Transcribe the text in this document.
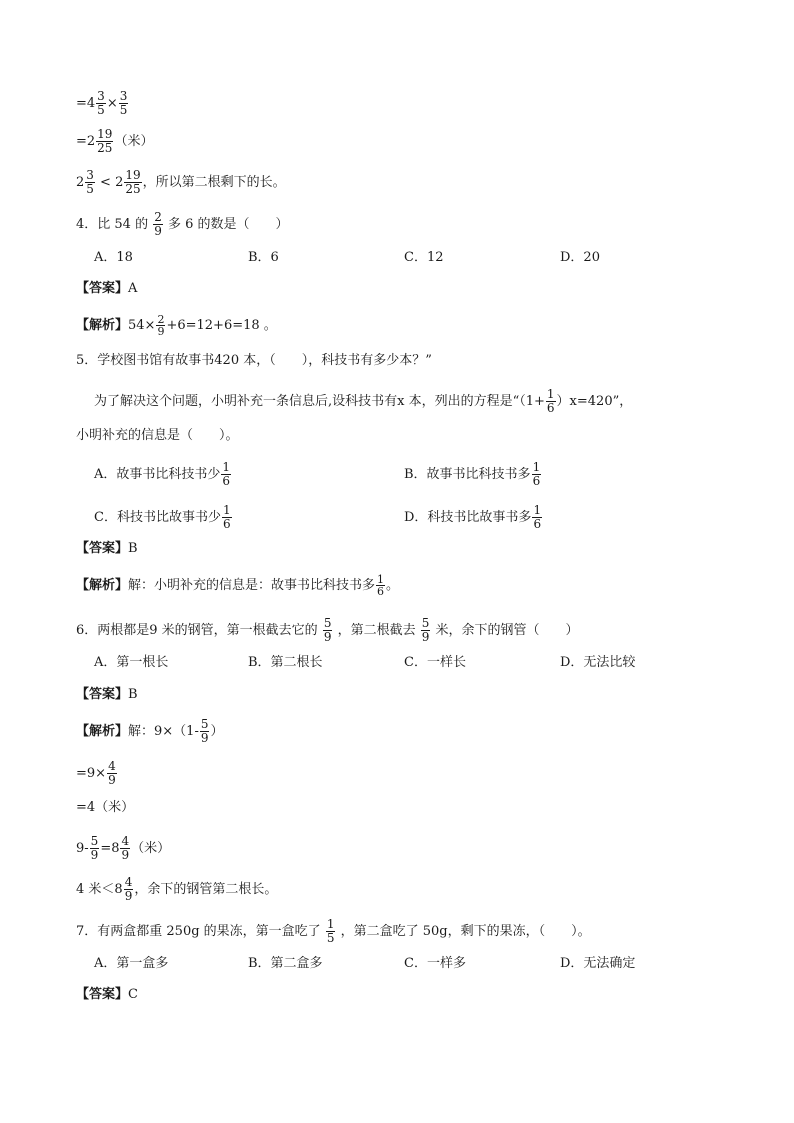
$=4 \frac{3}{5} \times \frac{3}{5}$
$=2 \frac{19}{25}$ （米）
$2 \frac{3}{5} < 2 \frac{19}{25}$ ，所以第二根剩下的长。
4．比 54 的 $\frac{2}{9}$ 多 6 的数是（　　）
A．18	B．6	C．12	D．20
【答案】A
【解析】$54\times \frac{2}{9} +6=12+6=18$ 。
5．学校图书馆有故事书420 本，（　　），科技书有多少本？”
为了解决这个问题，小明补充一条信息后,设科技书有x 本，列出的方程是“$(1+ \frac{1}{6} )x=420$”，
小明补充的信息是（　　）。
A．故事书比科技书少 $\frac{1}{6}$	B．故事书比科技书多 $\frac{1}{6}$
C．科技书比故事书少 $\frac{1}{6}$	D．科技书比故事书多 $\frac{1}{6}$
【答案】B
【解析】解：小明补充的信息是：故事书比科技书多 $\frac{1}{6}$ 。
6．两根都是9 米的钢管，第一根截去它的 $\frac{5}{9}$ ，第二根截去 $\frac{5}{9}$ 米，余下的钢管（　　）
A．第一根长	B．第二根长	C．一样长	D．无法比较
【答案】B
【解析】解：$9\times(1- \frac{5}{9}$ ）
$=9\times \frac{4}{9}$
=4（米）
$9- \frac{5}{9} =8 \frac{4}{9}$ （米）
4 米$<8 \frac{4}{9}$ ，余下的钢管第二根长。
7．有两盒都重 250g 的果冻，第一盒吃了 $\frac{1}{5}$ ，第二盒吃了 50g，剩下的果冻，（　　）。
A．第一盒多	B．第二盒多	C．一样多	D．无法确定
【答案】C
